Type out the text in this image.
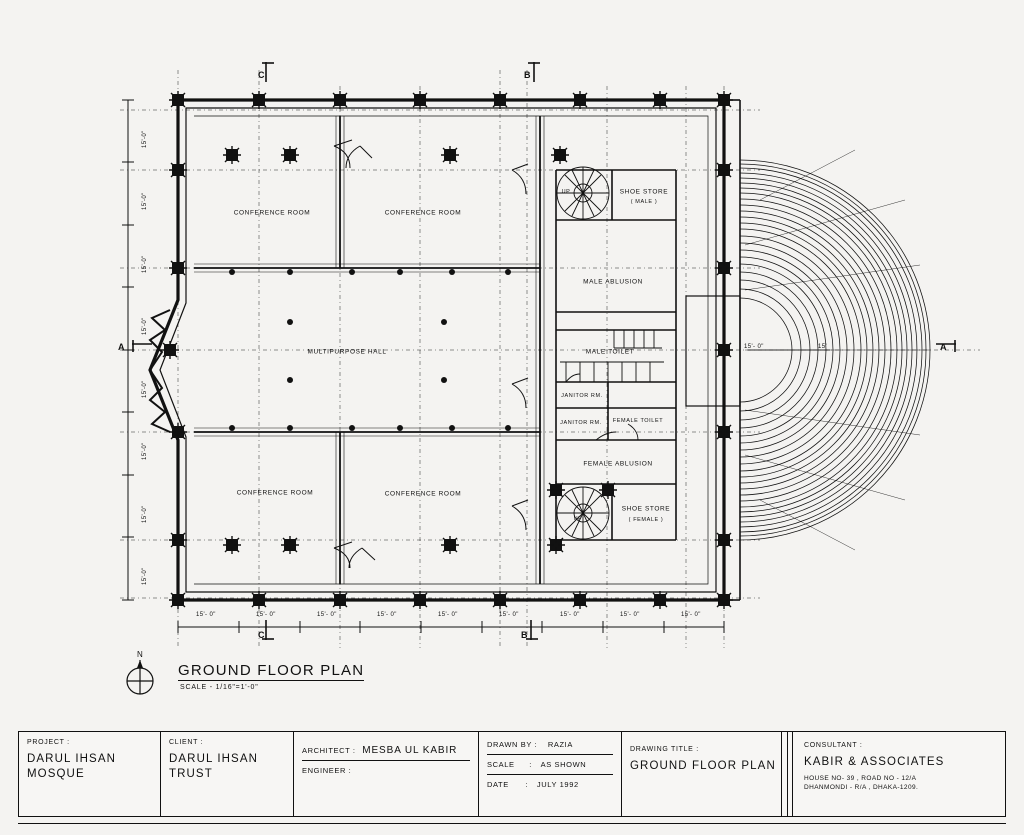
CONFERENCE ROOM	CONFERENCE ROOM
MULTIPURPOSE HALL
CONFERENCE ROOM	CONFERENCE ROOM
SHOE STORE
( MALE )
MALE ABLUSION
MALE TOILET
JANITOR RM.
JANITOR RM. FEMALE TOILET
FEMALE ABLUSION
SHOE STORE
( FEMALE )
UP
UP
C	B
A	A
C	B
15'- 0"	15'- 0"	15'- 0"	15'- 0"	15'- 0"	15'- 0"	15'- 0"	15'- 0"	15'- 0"
15'-0"
15'-0"
15'-0"
15'-0"
15'-0"
15'-0"
15'-0"
15'-0"
15'- 0"	15'
N
GROUND FLOOR PLAN
SCALE - 1/16"=1'-0"
PROJECT :
DARUL IHSAN
MOSQUE
CLIENT :
DARUL IHSAN
TRUST
ARCHITECT : MESBA UL KABIR
ENGINEER :
DRAWN BY : RAZIA
SCALE : AS SHOWN
DATE : JULY 1992
DRAWING TITLE :
GROUND FLOOR PLAN
CONSULTANT :
KABIR & ASSOCIATES
HOUSE NO- 39 , ROAD NO - 12/A
DHANMONDI - R/A , DHAKA-1209.
